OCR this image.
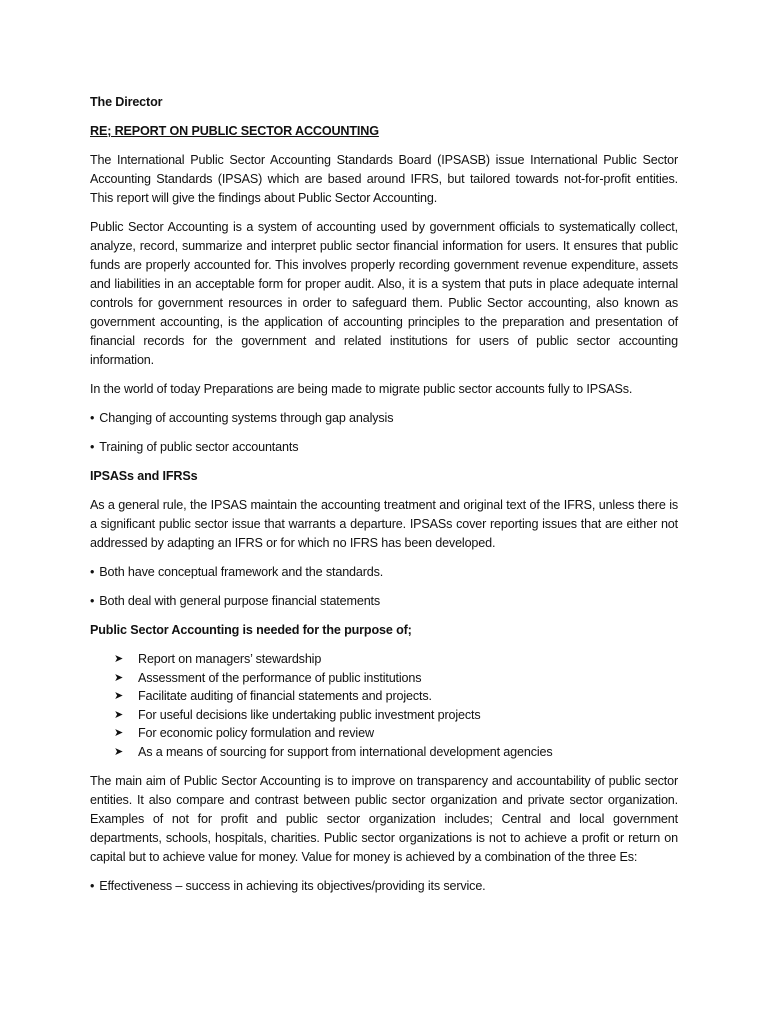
The Director

RE; REPORT ON PUBLIC SECTOR ACCOUNTING

The International Public Sector Accounting Standards Board (IPSASB) issue International Public Sector Accounting Standards (IPSAS) which are based around IFRS, but tailored towards not-for-profit entities. This report will give the findings about Public Sector Accounting.

Public Sector Accounting is a system of accounting used by government officials to systematically collect, analyze, record, summarize and interpret public sector financial information for users. It ensures that public funds are properly accounted for. This involves properly recording government revenue expenditure, assets and liabilities in an acceptable form for proper audit. Also, it is a system that puts in place adequate internal controls for government resources in order to safeguard them. Public Sector accounting, also known as government accounting, is the application of accounting principles to the preparation and presentation of financial records for the government and related institutions for users of public sector accounting information.

In the world of today Preparations are being made to migrate public sector accounts fully to IPSASs.

• Changing of accounting systems through gap analysis

• Training of public sector accountants

IPSASs and IFRSs

As a general rule, the IPSAS maintain the accounting treatment and original text of the IFRS, unless there is a significant public sector issue that warrants a departure. IPSASs cover reporting issues that are either not addressed by adapting an IFRS or for which no IFRS has been developed.

• Both have conceptual framework and the standards.

• Both deal with general purpose financial statements

Public Sector Accounting is needed for the purpose of;

➤ Report on managers’ stewardship
➤ Assessment of the performance of public institutions
➤ Facilitate auditing of financial statements and projects.
➤ For useful decisions like undertaking public investment projects
➤ For economic policy formulation and review
➤ As a means of sourcing for support from international development agencies

The main aim of Public Sector Accounting is to improve on transparency and accountability of public sector entities. It also compare and contrast between public sector organization and private sector organization. Examples of not for profit and public sector organization includes; Central and local government departments, schools, hospitals, charities. Public sector organizations is not to achieve a profit or return on capital but to achieve value for money. Value for money is achieved by a combination of the three Es:

• Effectiveness – success in achieving its objectives/providing its service.
